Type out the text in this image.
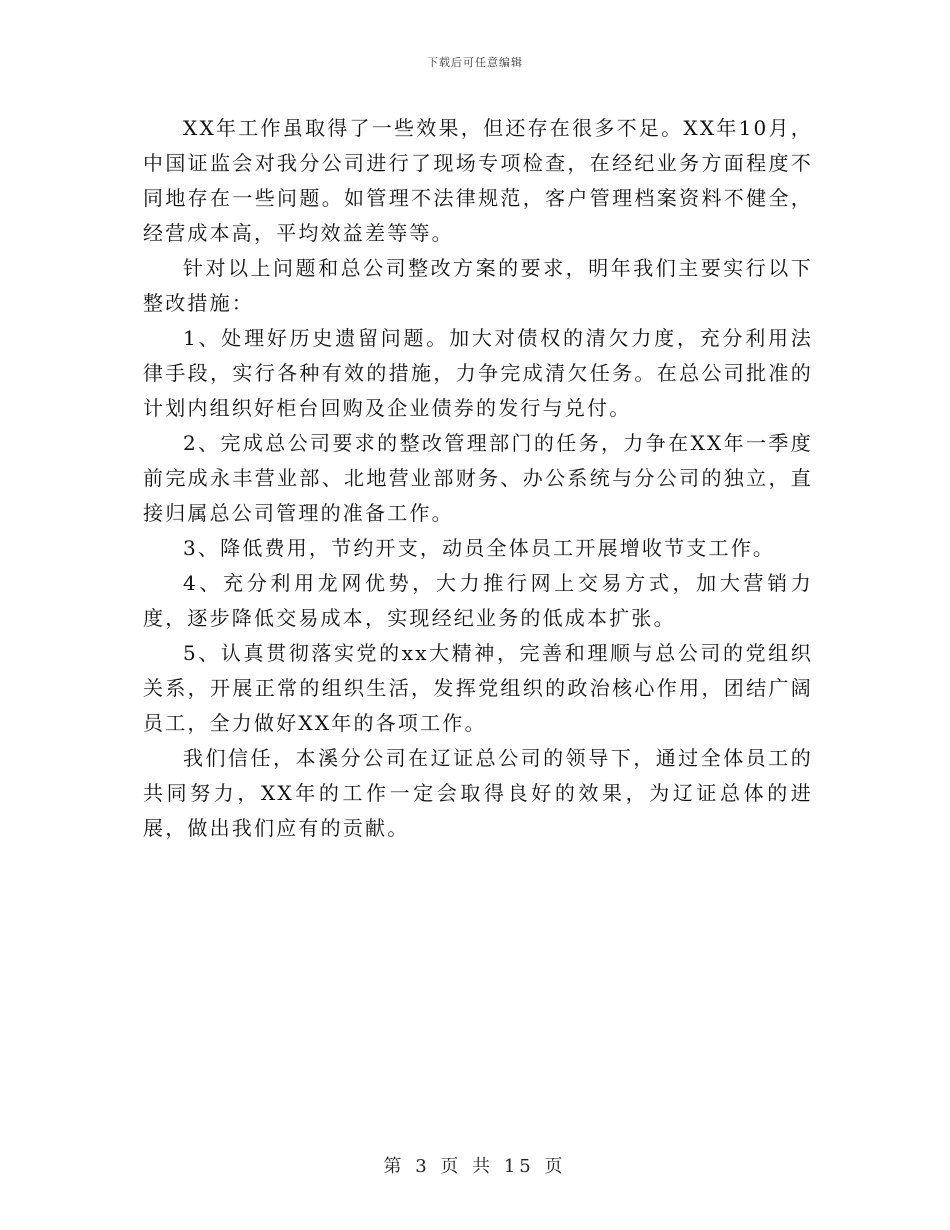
下载后可任意编辑

XX年工作虽取得了一些效果，但还存在很多不足。XX年10月，中国证监会对我分公司进行了现场专项检查，在经纪业务方面程度不同地存在一些问题。如管理不法律规范，客户管理档案资料不健全，经营成本高，平均效益差等等。

针对以上问题和总公司整改方案的要求，明年我们主要实行以下整改措施：

1、处理好历史遗留问题。加大对债权的清欠力度，充分利用法律手段，实行各种有效的措施，力争完成清欠任务。在总公司批准的计划内组织好柜台回购及企业债券的发行与兑付。

2、完成总公司要求的整改管理部门的任务，力争在XX年一季度前完成永丰营业部、北地营业部财务、办公系统与分公司的独立，直接归属总公司管理的准备工作。

3、降低费用，节约开支，动员全体员工开展增收节支工作。

4、充分利用龙网优势，大力推行网上交易方式，加大营销力度，逐步降低交易成本，实现经纪业务的低成本扩张。

5、认真贯彻落实党的xx大精神，完善和理顺与总公司的党组织关系，开展正常的组织生活，发挥党组织的政治核心作用，团结广阔员工，全力做好XX年的各项工作。

我们信任，本溪分公司在辽证总公司的领导下，通过全体员工的共同努力，XX年的工作一定会取得良好的效果，为辽证总体的进展，做出我们应有的贡献。

第 3 页 共 15 页
